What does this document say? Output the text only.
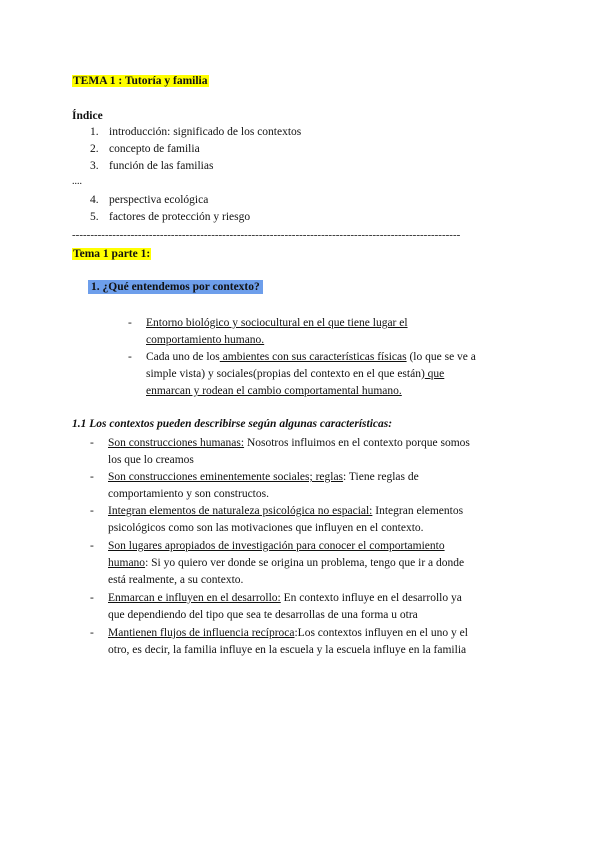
TEMA 1 : Tutoría y familia
Índice
1. introducción: significado de los contextos
2. concepto de familia
3. función de las familias
....
4. perspectiva ecológica
5. factores de protección y riesgo
----------------------------------------------------------------------------------------------------------
Tema 1 parte 1:
1. ¿Qué entendemos por contexto?
- Entorno biológico y sociocultural en el que tiene lugar el
comportamiento humano.
- Cada uno de los ambientes con sus características físicas (lo que se ve a
simple vista) y sociales(propias del contexto en el que están) que
enmarcan y rodean el cambio comportamental humano.
1.1 Los contextos pueden describirse según algunas características:
- Son construcciones humanas: Nosotros influimos en el contexto porque somos
los que lo creamos
- Son construcciones eminentemente sociales; reglas: Tiene reglas de
comportamiento y son constructos.
- Integran elementos de naturaleza psicológica no espacial: Integran elementos
psicológicos como son las motivaciones que influyen en el contexto.
- Son lugares apropiados de investigación para conocer el comportamiento
humano: Si yo quiero ver donde se origina un problema, tengo que ir a donde
está realmente, a su contexto.
- Enmarcan e influyen en el desarrollo: En contexto influye en el desarrollo ya
que dependiendo del tipo que sea te desarrollas de una forma u otra
- Mantienen flujos de influencia recíproca:Los contextos influyen en el uno y el
otro, es decir, la familia influye en la escuela y la escuela influye en la familia
